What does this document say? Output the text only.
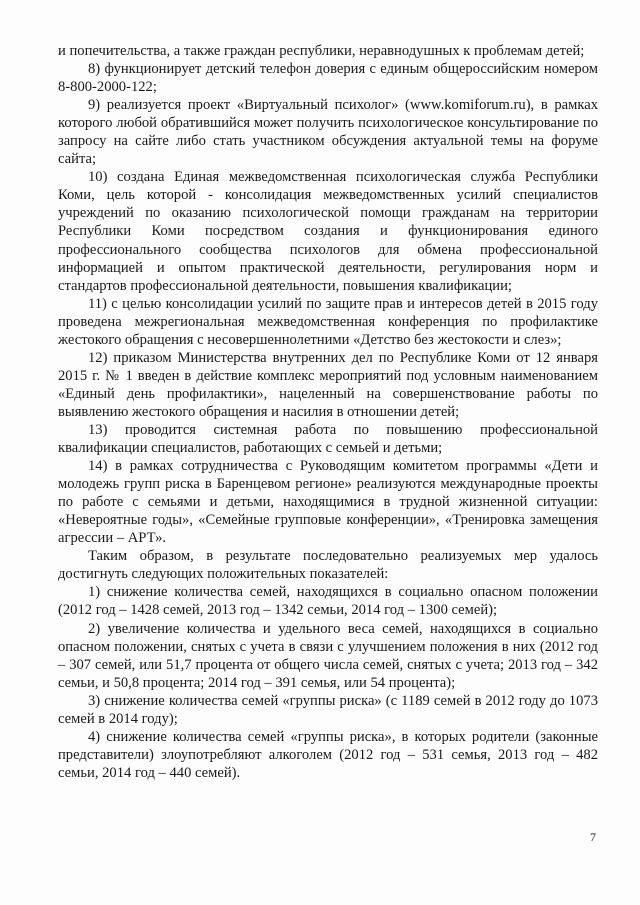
и попечительства, а также граждан республики, неравнодушных к проблемам детей;

8) функционирует детский телефон доверия с единым общероссийским номером 8-800-2000-122;

9) реализуется проект «Виртуальный психолог» (www.komiforum.ru), в рамках которого любой обратившийся может получить психологическое консультирование по запросу на сайте либо стать участником обсуждения актуальной темы на форуме сайта;

10) создана Единая межведомственная психологическая служба Республики Коми, цель которой - консолидация межведомственных усилий специалистов учреждений по оказанию психологической помощи гражданам на территории Республики Коми посредством создания и функционирования единого профессионального сообщества психологов для обмена профессиональной информацией и опытом практической деятельности, регулирования норм и стандартов профессиональной деятельности, повышения квалификации;

11) с целью консолидации усилий по защите прав и интересов детей в 2015 году проведена межрегиональная межведомственная конференция по профилактике жестокого обращения с несовершеннолетними «Детство без жестокости и слез»;

12) приказом Министерства внутренних дел по Республике Коми от 12 января 2015 г. № 1 введен в действие комплекс мероприятий под условным наименованием «Единый день профилактики», нацеленный на совершенствование работы по выявлению жестокого обращения и насилия в отношении детей;

13) проводится системная работа по повышению профессиональной квалификации специалистов, работающих с семьей и детьми;

14) в рамках сотрудничества с Руководящим комитетом программы «Дети и молодежь групп риска в Баренцевом регионе» реализуются международные проекты по работе с семьями и детьми, находящимися в трудной жизненной ситуации: «Невероятные годы», «Семейные групповые конференции», «Тренировка замещения агрессии – АРТ».

Таким образом, в результате последовательно реализуемых мер удалось достигнуть следующих положительных показателей:

1) снижение количества семей, находящихся в социально опасном положении (2012 год – 1428 семей, 2013 год – 1342 семьи, 2014 год – 1300 семей);

2) увеличение количества и удельного веса семей, находящихся в социально опасном положении, снятых с учета в связи с улучшением положения в них (2012 год – 307 семей, или 51,7 процента от общего числа семей, снятых с учета; 2013 год – 342 семьи, и 50,8 процента; 2014 год – 391 семья, или 54 процента);

3) снижение количества семей «группы риска» (с 1189 семей в 2012 году до 1073 семей в 2014 году);

4) снижение количества семей «группы риска», в которых родители (законные представители) злоупотребляют алкоголем (2012 год – 531 семья, 2013 год – 482 семьи, 2014 год – 440 семей).

7
